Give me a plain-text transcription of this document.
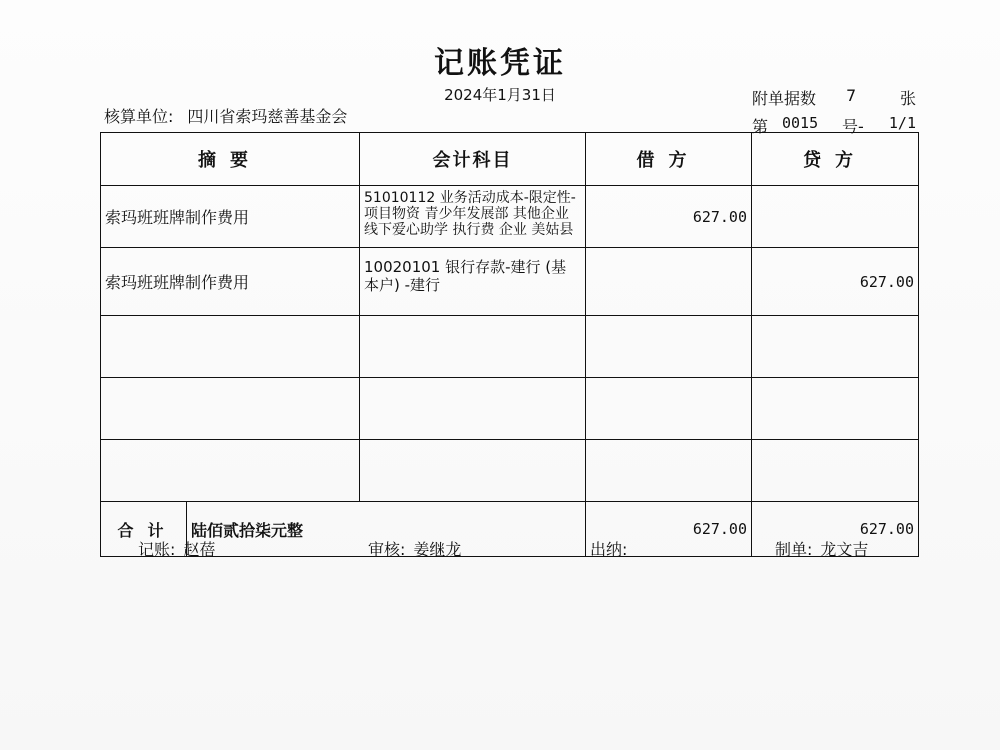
记账凭证
2024年1月31日
核算单位: 四川省索玛慈善基金会
附单据数 7	张
第 0015 号- 1/1
摘要		会计科目	借方	贷方
索玛班班牌制作费用		51010112 业务活动成本-限定性-项目物资 青少年发展部 其他企业 线下爱心助学 执行费 企业 美姑县	627.00	
索玛班班牌制作费用		10020101 银行存款-建行 (基本户) -建行		627.00

合计	陆佰贰拾柒元整		627.00	627.00
记账: 赵蓓	审核: 姜继龙	出纳:	制单: 龙文吉
